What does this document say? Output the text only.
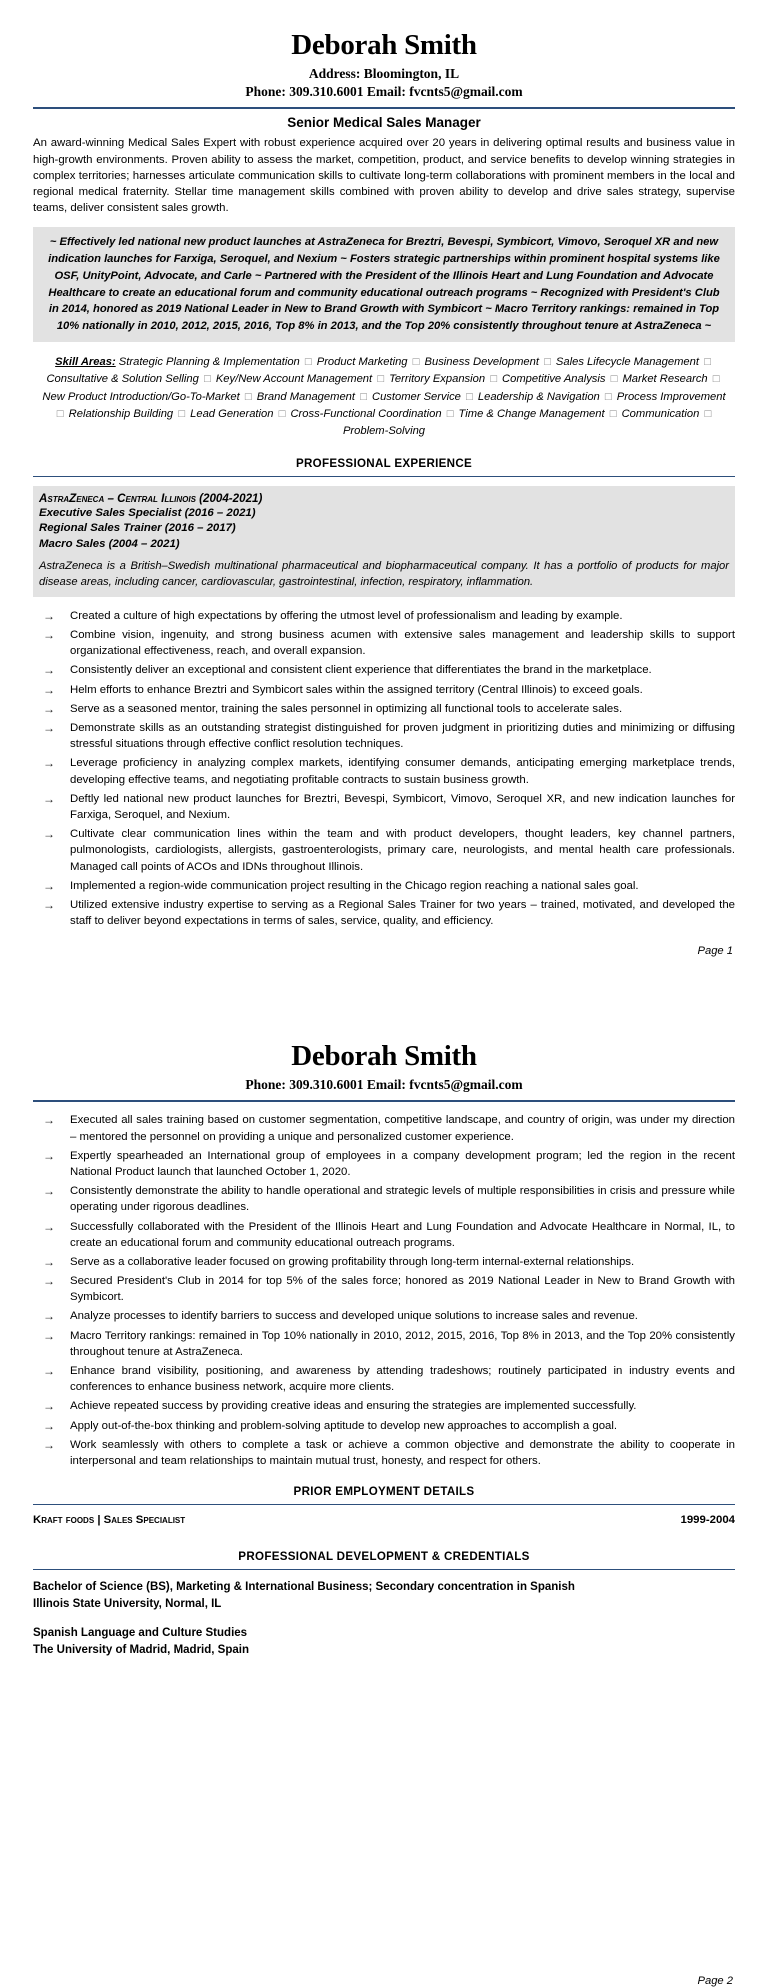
Deborah Smith
Address: Bloomington, IL
Phone: 309.310.6001 Email: fvcnts5@gmail.com
Senior Medical Sales Manager

An award-winning Medical Sales Expert with robust experience acquired over 20 years in delivering optimal results and business value in high-growth environments. Proven ability to assess the market, competition, product, and service benefits to develop winning strategies in complex territories; harnesses articulate communication skills to cultivate long-term collaborations with prominent members in the local and regional medical fraternity. Stellar time management skills combined with proven ability to develop and drive sales strategy, supervise teams, deliver consistent sales growth.

~ Effectively led national new product launches at AstraZeneca for Breztri, Bevespi, Symbicort, Vimovo, Seroquel XR and new indication launches for Farxiga, Seroquel, and Nexium ~ Fosters strategic partnerships within prominent hospital systems like OSF, UnityPoint, Advocate, and Carle ~ Partnered with the President of the Illinois Heart and Lung Foundation and Advocate Healthcare to create an educational forum and community educational outreach programs ~ Recognized with President's Club in 2014, honored as 2019 National Leader in New to Brand Growth with Symbicort ~ Macro Territory rankings: remained in Top 10% nationally in 2010, 2012, 2015, 2016, Top 8% in 2013, and the Top 20% consistently throughout tenure at AstraZeneca ~
Skill Areas: Strategic Planning & Implementation □ Product Marketing □ Business Development □ Sales Lifecycle Management □ Consultative & Solution Selling □ Key/New Account Management □ Territory Expansion □ Competitive Analysis □ Market Research □ New Product Introduction/Go-To-Market □ Brand Management □ Customer Service □ Leadership & Navigation □ Process Improvement □ Relationship Building □ Lead Generation □ Cross-Functional Coordination □ Time & Change Management □ Communication □ Problem-Solving
PROFESSIONAL EXPERIENCE
AstraZeneca – Central Illinois (2004-2021)
Executive Sales Specialist (2016 – 2021)
Regional Sales Trainer (2016 – 2017)
Macro Sales (2004 – 2021)
AstraZeneca is a British–Swedish multinational pharmaceutical and biopharmaceutical company. It has a portfolio of products for major disease areas, including cancer, cardiovascular, gastrointestinal, infection, respiratory, inflammation.
→ Created a culture of high expectations by offering the utmost level of professionalism and leading by example.
→ Combine vision, ingenuity, and strong business acumen with extensive sales management and leadership skills to support organizational effectiveness, reach, and overall expansion.
→ Consistently deliver an exceptional and consistent client experience that differentiates the brand in the marketplace.
→ Helm efforts to enhance Breztri and Symbicort sales within the assigned territory (Central Illinois) to exceed goals.
→ Serve as a seasoned mentor, training the sales personnel in optimizing all functional tools to accelerate sales.
→ Demonstrate skills as an outstanding strategist distinguished for proven judgment in prioritizing duties and minimizing or diffusing stressful situations through effective conflict resolution techniques.
→ Leverage proficiency in analyzing complex markets, identifying consumer demands, anticipating emerging marketplace trends, developing effective teams, and negotiating profitable contracts to sustain business growth.
→ Deftly led national new product launches for Breztri, Bevespi, Symbicort, Vimovo, Seroquel XR, and new indication launches for Farxiga, Seroquel, and Nexium.
→ Cultivate clear communication lines within the team and with product developers, thought leaders, key channel partners, pulmonologists, cardiologists, allergists, gastroenterologists, primary care, neurologists, and mental health care professionals. Managed call points of ACOs and IDNs throughout Illinois.
→ Implemented a region-wide communication project resulting in the Chicago region reaching a national sales goal.
→ Utilized extensive industry expertise to serving as a Regional Sales Trainer for two years – trained, motivated, and developed the staff to deliver beyond expectations in terms of sales, service, quality, and efficiency.
Page 1
Deborah Smith
Phone: 309.310.6001 Email: fvcnts5@gmail.com
→ Executed all sales training based on customer segmentation, competitive landscape, and country of origin, was under my direction – mentored the personnel on providing a unique and personalized customer experience.
→ Expertly spearheaded an International group of employees in a company development program; led the region in the recent National Product launch that launched October 1, 2020.
→ Consistently demonstrate the ability to handle operational and strategic levels of multiple responsibilities in crisis and pressure while operating under rigorous deadlines.
→ Successfully collaborated with the President of the Illinois Heart and Lung Foundation and Advocate Healthcare in Normal, IL, to create an educational forum and community educational outreach programs.
→ Serve as a collaborative leader focused on growing profitability through long-term internal-external relationships.
→ Secured President's Club in 2014 for top 5% of the sales force; honored as 2019 National Leader in New to Brand Growth with Symbicort.
→ Analyze processes to identify barriers to success and developed unique solutions to increase sales and revenue.
→ Macro Territory rankings: remained in Top 10% nationally in 2010, 2012, 2015, 2016, Top 8% in 2013, and the Top 20% consistently throughout tenure at AstraZeneca.
→ Enhance brand visibility, positioning, and awareness by attending tradeshows; routinely participated in industry events and conferences to enhance business network, acquire more clients.
→ Achieve repeated success by providing creative ideas and ensuring the strategies are implemented successfully.
→ Apply out-of-the-box thinking and problem-solving aptitude to develop new approaches to accomplish a goal.
→ Work seamlessly with others to complete a task or achieve a common objective and demonstrate the ability to cooperate in interpersonal and team relationships to maintain mutual trust, honesty, and respect for others.
PRIOR EMPLOYMENT DETAILS
Kraft foods | Sales Specialist	1999-2004
PROFESSIONAL DEVELOPMENT & CREDENTIALS
Bachelor of Science (BS), Marketing & International Business; Secondary concentration in Spanish
Illinois State University, Normal, IL
Spanish Language and Culture Studies
The University of Madrid, Madrid, Spain
Page 2
